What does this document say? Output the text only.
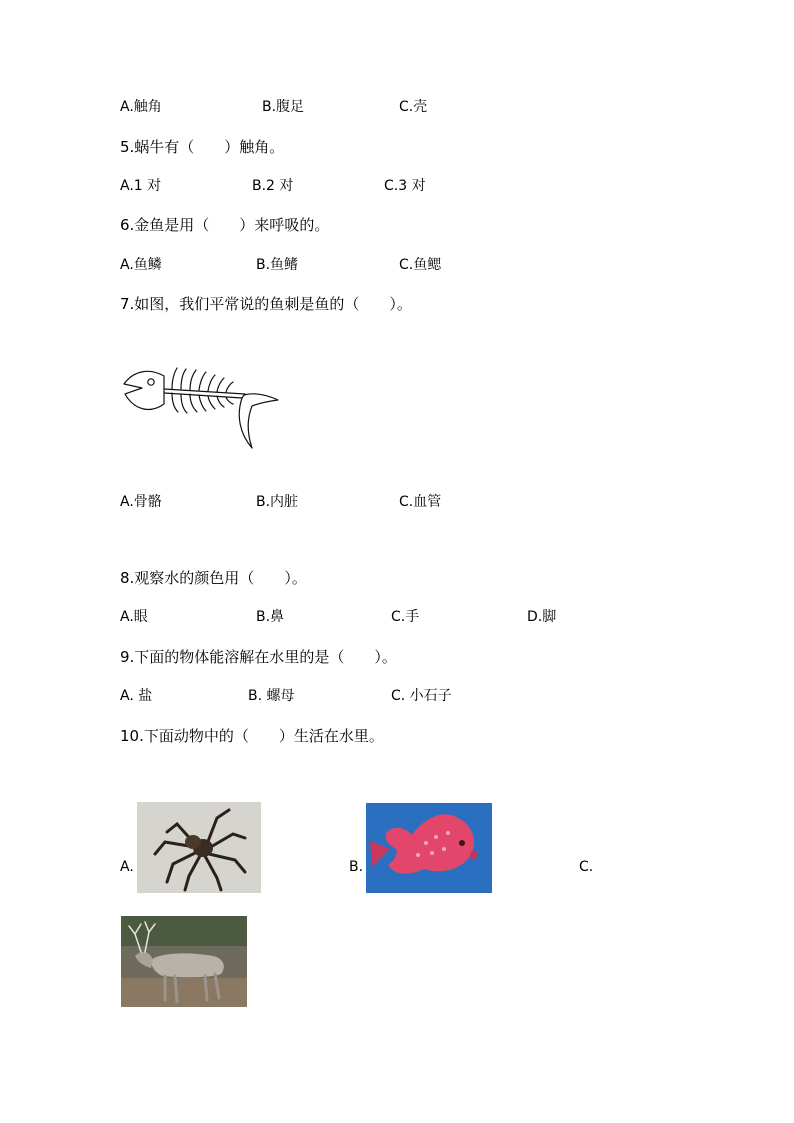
A.触角	B.腹足	C.壳
5.蜗牛有（　　）触角。
A.1 对	B.2 对	C.3 对
6.金鱼是用（　　）来呼吸的。
A.鱼鳞	B.鱼鳍	C.鱼鳃
7.如图，我们平常说的鱼刺是鱼的（　　）。
A.骨骼	B.内脏	C.血管
8.观察水的颜色用（　　）。
A.眼	B.鼻	C.手	D.脚
9.下面的物体能溶解在水里的是（　　）。
A. 盐	B. 螺母	C. 小石子
10.下面动物中的（　　）生活在水里。
A.	B.	C.
